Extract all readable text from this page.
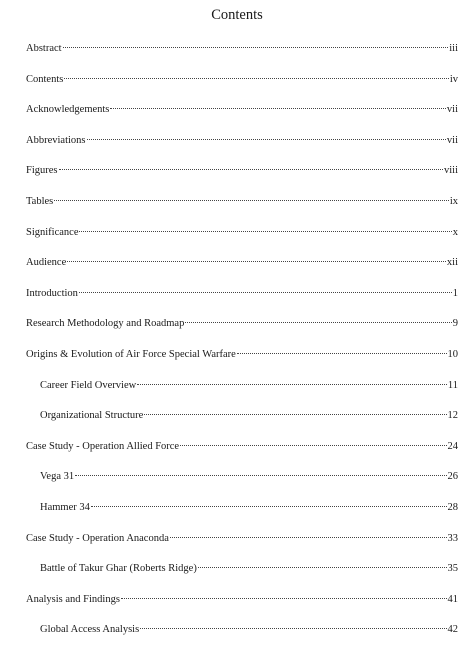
Contents
Abstract	iii
Contents	iv
Acknowledgements	vii
Abbreviations	vii
Figures	viii
Tables	ix
Significance	x
Audience	xii
Introduction	1
Research Methodology and Roadmap	9
Origins & Evolution of Air Force Special Warfare	10
Career Field Overview	11
Organizational Structure	12
Case Study - Operation Allied Force	24
Vega 31	26
Hammer 34	28
Case Study - Operation Anaconda	33
Battle of Takur Ghar (Roberts Ridge)	35
Analysis and Findings	41
Global Access Analysis	42
